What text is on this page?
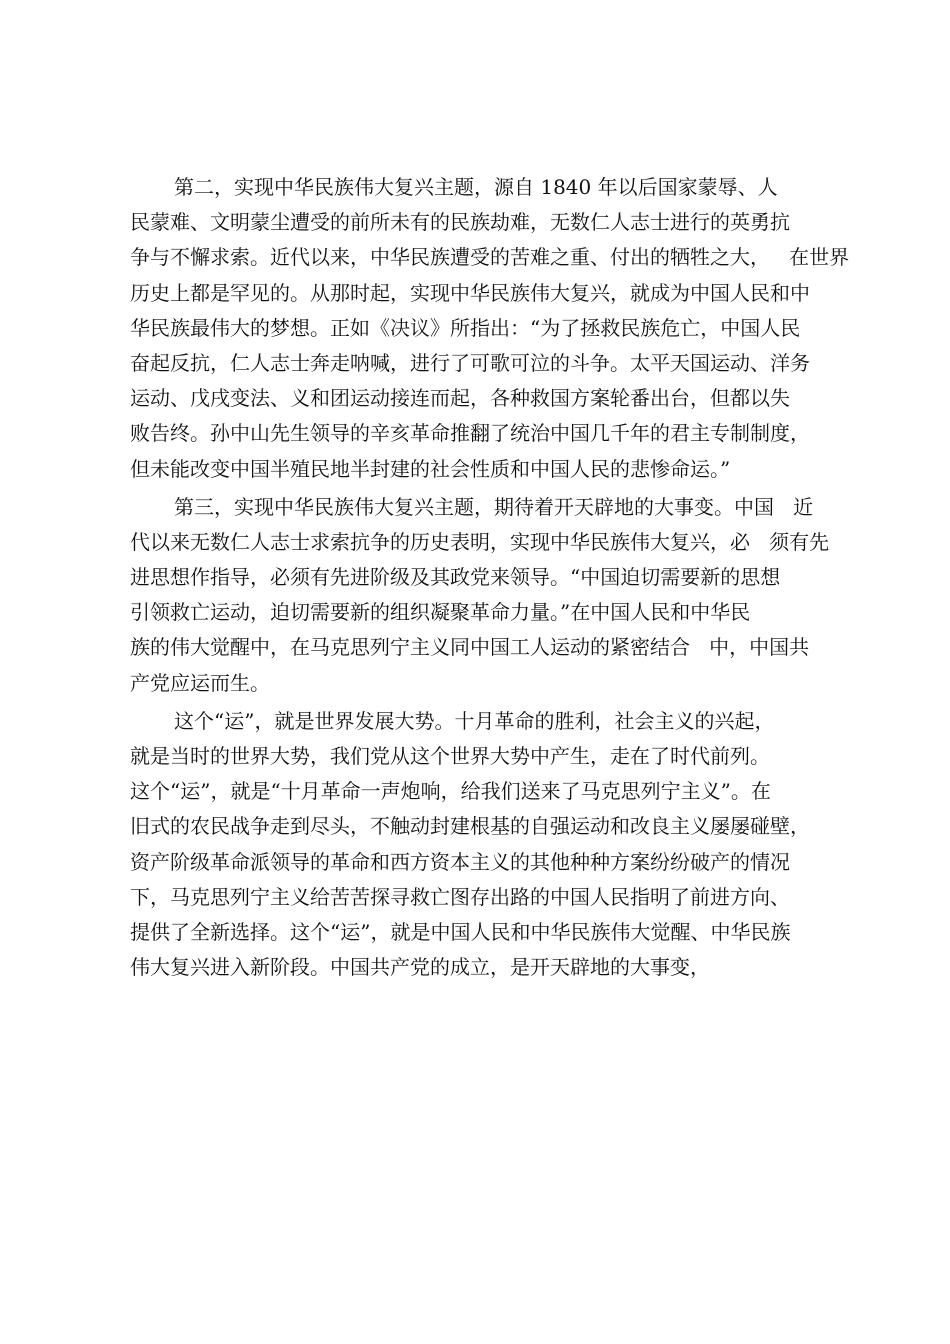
第二，实现中华民族伟大复兴主题，源自 1840 年以后国家蒙辱、人
民蒙难、文明蒙尘遭受的前所未有的民族劫难，无数仁人志士进行的英勇抗
争与不懈求索。近代以来，中华民族遭受的苦难之重、付出的牺牲之大，   在世界
历史上都是罕见的。从那时起，实现中华民族伟大复兴，就成为中国人民和中
华民族最伟大的梦想。正如《决议》所指出：“为了拯救民族危亡，中国人民
奋起反抗，仁人志士奔走呐喊，进行了可歌可泣的斗争。太平天国运动、洋务
运动、戊戌变法、义和团运动接连而起，各种救国方案轮番出台，但都以失
败告终。孙中山先生领导的辛亥革命推翻了统治中国几千年的君主专制制度，
但未能改变中国半殖民地半封建的社会性质和中国人民的悲惨命运。”
第三，实现中华民族伟大复兴主题，期待着开天辟地的大事变。中国   近
代以来无数仁人志士求索抗争的历史表明，实现中华民族伟大复兴，必   须有先
进思想作指导，必须有先进阶级及其政党来领导。“中国迫切需要新的思想
引领救亡运动，迫切需要新的组织凝聚革命力量。”在中国人民和中华民
族的伟大觉醒中，在马克思列宁主义同中国工人运动的紧密结合   中，中国共
产党应运而生。
这个“运”，就是世界发展大势。十月革命的胜利，社会主义的兴起，
就是当时的世界大势，我们党从这个世界大势中产生，走在了时代前列。
这个“运”，就是“十月革命一声炮响，给我们送来了马克思列宁主义”。在
旧式的农民战争走到尽头，不触动封建根基的自强运动和改良主义屡屡碰壁，
资产阶级革命派领导的革命和西方资本主义的其他种种方案纷纷破产的情况
下，马克思列宁主义给苦苦探寻救亡图存出路的中国人民指明了前进方向、
提供了全新选择。这个“运”，就是中国人民和中华民族伟大觉醒、中华民族
伟大复兴进入新阶段。中国共产党的成立，是开天辟地的大事变，
